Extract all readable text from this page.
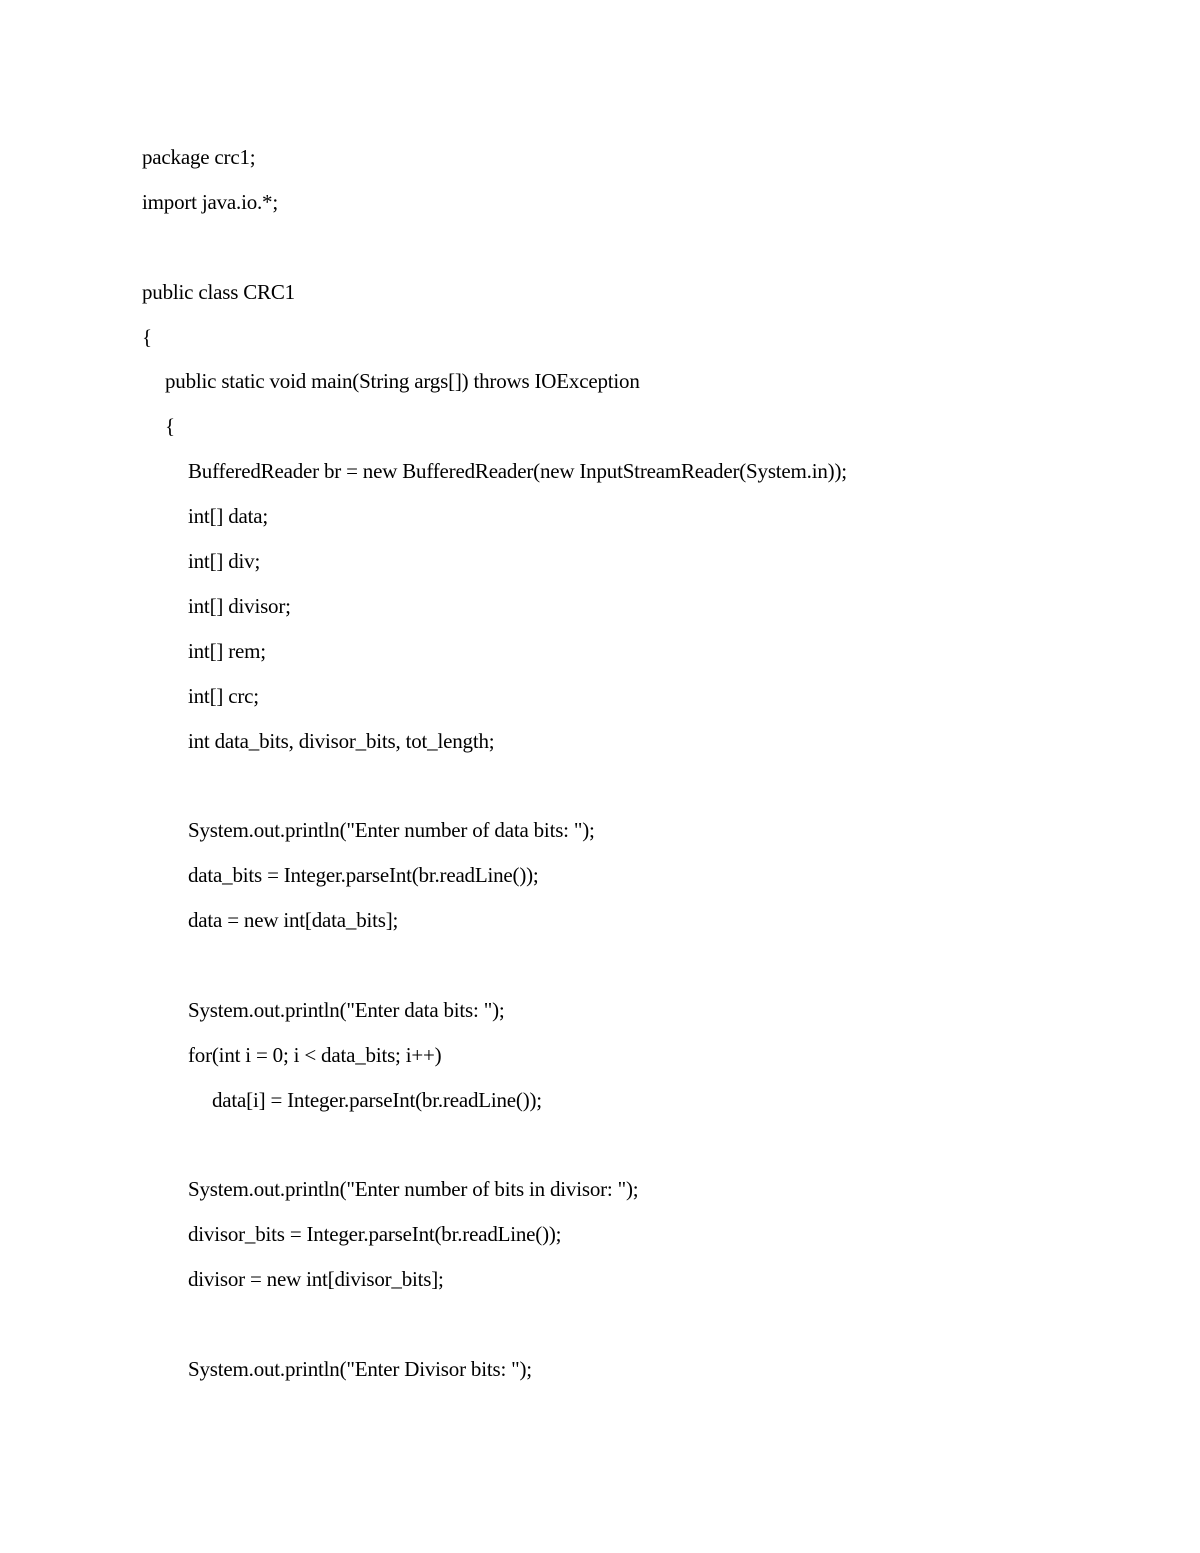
package crc1;
import java.io.*;
public class CRC1
{
public static void main(String args[]) throws IOException
{
BufferedReader br = new BufferedReader(new InputStreamReader(System.in));
int[] data;
int[] div;
int[] divisor;
int[] rem;
int[] crc;
int data_bits, divisor_bits, tot_length;
System.out.println("Enter number of data bits: ");
data_bits = Integer.parseInt(br.readLine());
data = new int[data_bits];
System.out.println("Enter data bits: ");
for(int i = 0; i < data_bits; i++)
data[i] = Integer.parseInt(br.readLine());
System.out.println("Enter number of bits in divisor: ");
divisor_bits = Integer.parseInt(br.readLine());
divisor = new int[divisor_bits];
System.out.println("Enter Divisor bits: ");
